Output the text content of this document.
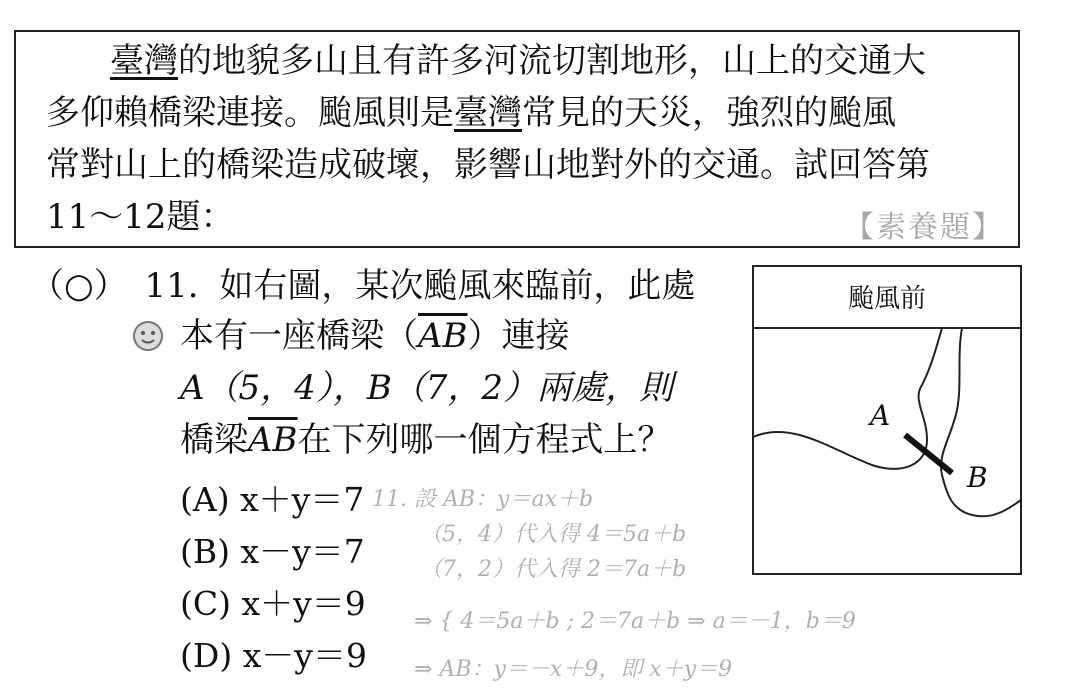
臺灣的地貌多山且有許多河流切割地形，山上的交通大
多仰賴橋梁連接。颱風則是臺灣常見的天災，強烈的颱風
常對山上的橋梁造成破壞，影響山地對外的交通。試回答第
11～12題：	【素養題】
（○） 11. 如右圖，某次颱風來臨前，此處
本有一座橋梁$(\overline{AB})$連接
A（5，4），B（7，2）兩處，則
橋梁$\overline{AB}$在下列哪一個方程式上？
(A) x＋y＝7
(B) x－y＝7
(C) x＋y＝9
(D) x－y＝9
11. 設 AB：y＝ax＋b
（5，4）代入得 4＝5a＋b
（7，2）代入得 2＝7a＋b
⇒ { 4＝5a＋b ; 2＝7a＋b ⇒ a＝－1，b＝9
⇒ AB：y＝－x＋9，即 x＋y＝9
颱風前
A
B
